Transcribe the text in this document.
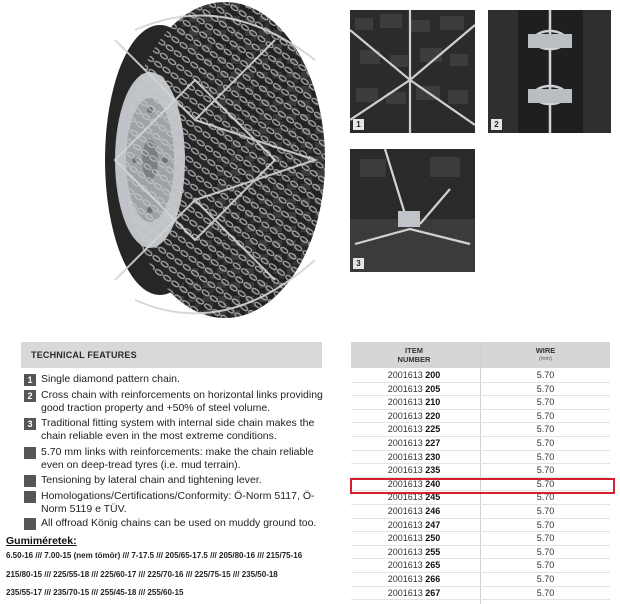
1	2
3
TECHNICAL FEATURES
1 Single diamond pattern chain.
2 Cross chain with reinforcements on horizontal links providing good traction property and +50% of steel volume.
3 Traditional fitting system with internal side chain makes the chain reliable even in the most extreme conditions.
5.70 mm links with reinforcements: make the chain reliable even on deep-tread tyres (i.e. mud terrain).
Tensioning by lateral chain and tightening lever.
Homologations/Certifications/Conformity: Ö-Norm 5117, Ö-Norm 5119 e TÜV.
All offroad König chains can be used on muddy ground too.
Gumiméretek:
6.50-16 /// 7.00-15 (nem tömör) /// 7-17.5 /// 205/65-17.5 /// 205/80-16 /// 215/75-16
215/80-15 /// 225/55-18 /// 225/60-17 /// 225/70-16 /// 225/75-15 /// 235/50-18
235/55-17 /// 235/70-15 /// 255/45-18 /// 255/60-15
ITEM
NUMBER
WIRE
(mm)
2001613 200	5.70
2001613 205	5.70
2001613 210	5.70
2001613 220	5.70
2001613 225	5.70
2001613 227	5.70
2001613 230	5.70
2001613 235	5.70
2001613 240	5.70
2001613 245	5.70
2001613 246	5.70
2001613 247	5.70
2001613 250	5.70
2001613 255	5.70
2001613 265	5.70
2001613 266	5.70
2001613 267	5.70
